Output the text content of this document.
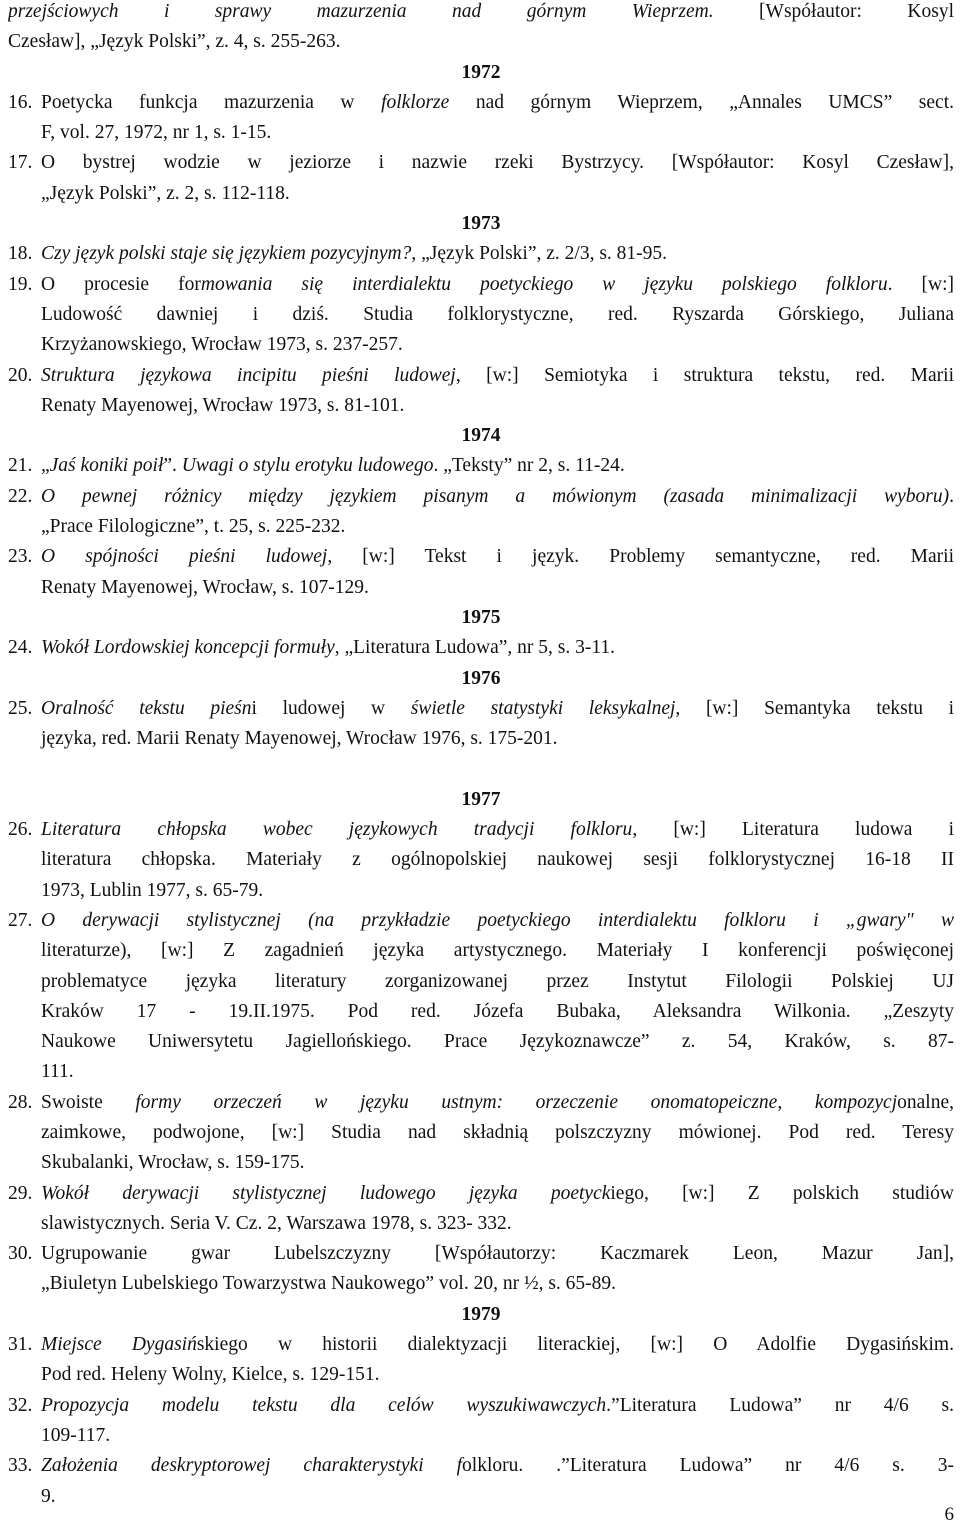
przejściowych i sprawy mazurzenia nad górnym Wieprzem. [Współautor: Kosyl
Czesław], „Język Polski”, z. 4, s. 255-263.
1972
16. Poetycka funkcja mazurzenia w folklorze nad górnym Wieprzem, „Annales UMCS” sect.
F, vol. 27, 1972, nr 1, s. 1-15.
17. O bystrej wodzie w jeziorze i nazwie rzeki Bystrzycy. [Współautor: Kosyl Czesław],
„Język Polski”, z. 2, s. 112-118.
1973
18. Czy język polski staje się językiem pozycyjnym?, „Język Polski”, z. 2/3, s. 81-95.
19. O procesie formowania się interdialektu poetyckiego w języku polskiego folkloru. [w:]
Ludowość dawniej i dziś. Studia folklorystyczne, red. Ryszarda Górskiego, Juliana
Krzyżanowskiego, Wrocław 1973, s. 237-257.
20. Struktura językowa incipitu pieśni ludowej, [w:] Semiotyka i struktura tekstu, red. Marii
Renaty Mayenowej, Wrocław 1973, s. 81-101.
1974
21. „Jaś koniki poił”. Uwagi o stylu erotyku ludowego. „Teksty” nr 2, s. 11-24.
22. O pewnej różnicy między językiem pisanym a mówionym (zasada minimalizacji wyboru).
„Prace Filologiczne”, t. 25, s. 225-232.
23. O spójności pieśni ludowej, [w:] Tekst i język. Problemy semantyczne, red. Marii
Renaty Mayenowej, Wrocław, s. 107-129.
1975
24. Wokół Lordowskiej koncepcji formuły, „Literatura Ludowa”, nr 5, s. 3-11.
1976
25. Oralność tekstu pieśni ludowej w świetle statystyki leksykalnej, [w:] Semantyka tekstu i
języka, red. Marii Renaty Mayenowej, Wrocław 1976, s. 175-201.
1977
26. Literatura chłopska wobec językowych tradycji folkloru, [w:] Literatura ludowa i
literatura chłopska. Materiały z ogólnopolskiej naukowej sesji folklorystycznej 16-18 II
1973, Lublin 1977, s. 65-79.
27. O derywacji stylistycznej (na przykładzie poetyckiego interdialektu folkloru i „gwary" w
literaturze), [w:] Z zagadnień języka artystycznego. Materiały I konferencji poświęconej
problematyce języka literatury zorganizowanej przez Instytut Filologii Polskiej UJ
Kraków 17 - 19.II.1975. Pod red. Józefa Bubaka, Aleksandra Wilkonia. „Zeszyty
Naukowe Uniwersytetu Jagiellońskiego. Prace Językoznawcze” z. 54, Kraków, s. 87-
111.
28. Swoiste formy orzeczeń w języku ustnym: orzeczenie onomatopeiczne, kompozycjonalne,
zaimkowe, podwojone, [w:] Studia nad składnią polszczyzny mówionej. Pod red. Teresy
Skubalanki, Wrocław, s. 159-175.
29. Wokół derywacji stylistycznej ludowego języka poetyckiego, [w:] Z polskich studiów
slawistycznych. Seria V. Cz. 2, Warszawa 1978, s. 323- 332.
30. Ugrupowanie gwar Lubelszczyzny [Współautorzy: Kaczmarek Leon, Mazur Jan],
„Biuletyn Lubelskiego Towarzystwa Naukowego” vol. 20, nr ½, s. 65-89.
1979
31. Miejsce Dygasińskiego w historii dialektyzacji literackiej, [w:] O Adolfie Dygasińskim.
Pod red. Heleny Wolny, Kielce, s. 129-151.
32. Propozycja modelu tekstu dla celów wyszukiwawczych.”Literatura Ludowa” nr 4/6 s.
109-117.
33. Założenia deskryptorowej charakterystyki folkloru. .”Literatura Ludowa” nr 4/6 s. 3-
9.
6
